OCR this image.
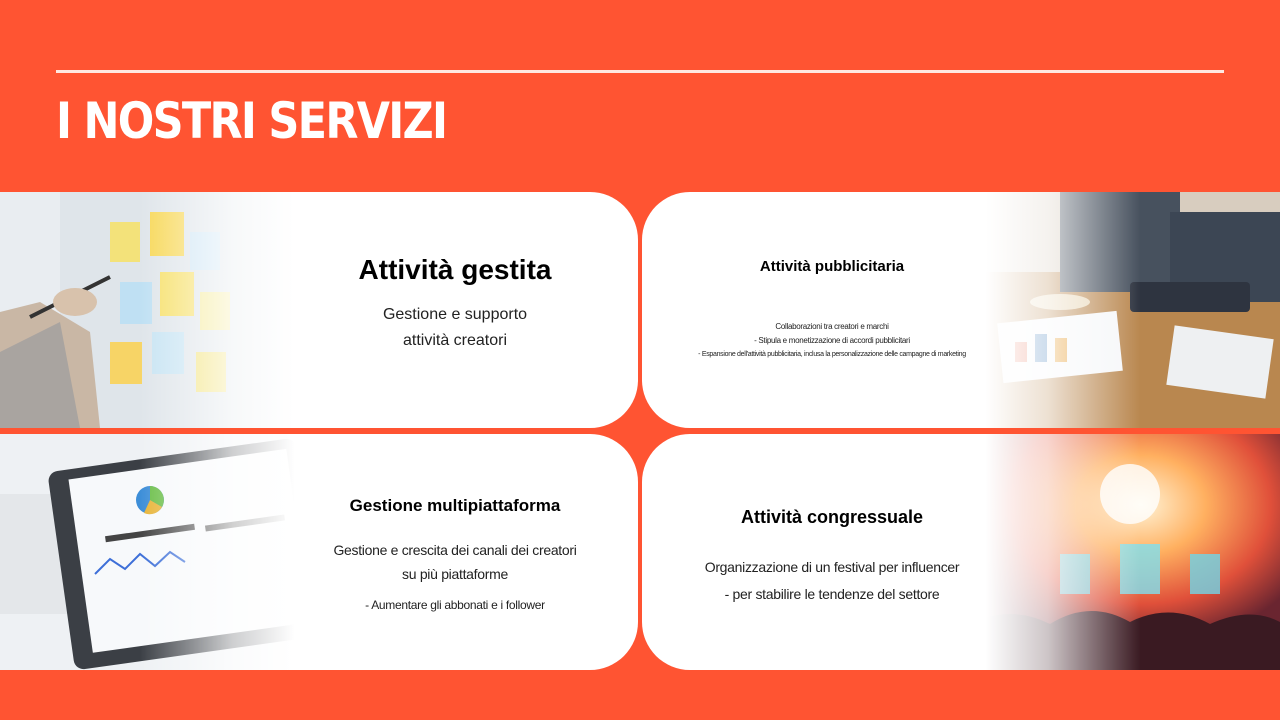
I NOSTRI SERVIZI
Attività gestita
Gestione e supporto
attività creatori
Attività pubblicitaria
Collaborazioni tra creatori e marchi
- Stipula e monetizzazione di accordi pubblicitari
- Espansione dell'attività pubblicitaria, inclusa la personalizzazione delle campagne di marketing
Gestione multipiattaforma
Gestione e crescita dei canali dei creatori
su più piattaforme
- Aumentare gli abbonati e i follower
Attività congressuale
Organizzazione di un festival per influencer
- per stabilire le tendenze del settore
